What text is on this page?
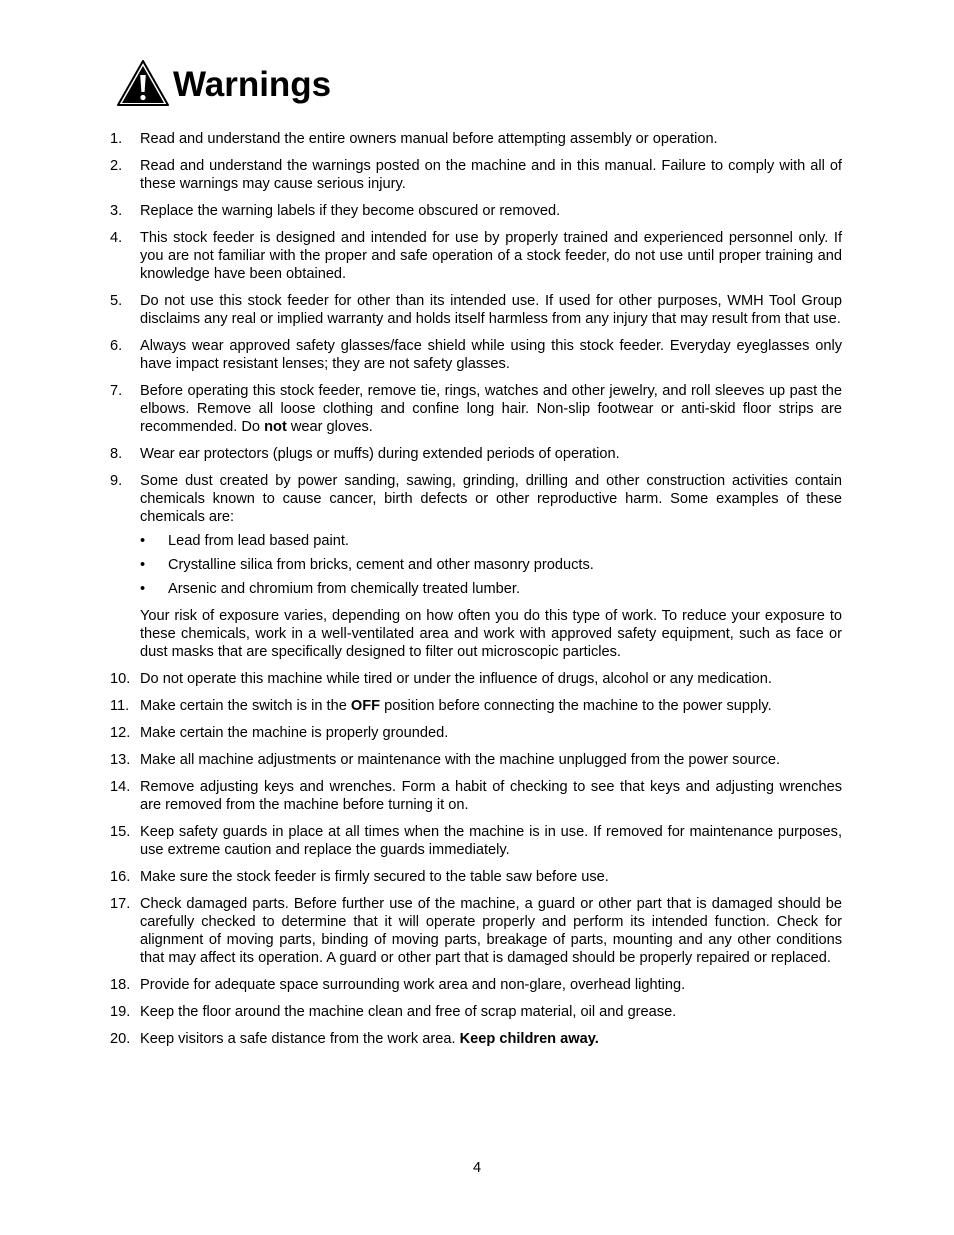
Warnings
1.	Read and understand the entire owners manual before attempting assembly or operation.
2.	Read and understand the warnings posted on the machine and in this manual. Failure to comply with all of these warnings may cause serious injury.
3.	Replace the warning labels if they become obscured or removed.
4.	This stock feeder is designed and intended for use by properly trained and experienced personnel only. If you are not familiar with the proper and safe operation of a stock feeder, do not use until proper training and knowledge have been obtained.
5.	Do not use this stock feeder for other than its intended use. If used for other purposes, WMH Tool Group disclaims any real or implied warranty and holds itself harmless from any injury that may result from that use.
6.	Always wear approved safety glasses/face shield while using this stock feeder. Everyday eyeglasses only have impact resistant lenses; they are not safety glasses.
7.	Before operating this stock feeder, remove tie, rings, watches and other jewelry, and roll sleeves up past the elbows. Remove all loose clothing and confine long hair. Non-slip footwear or anti-skid floor strips are recommended. Do not wear gloves.
8.	Wear ear protectors (plugs or muffs) during extended periods of operation.
9.	Some dust created by power sanding, sawing, grinding, drilling and other construction activities contain chemicals known to cause cancer, birth defects or other reproductive harm. Some examples of these chemicals are:
•	Lead from lead based paint.
•	Crystalline silica from bricks, cement and other masonry products.
•	Arsenic and chromium from chemically treated lumber.
Your risk of exposure varies, depending on how often you do this type of work. To reduce your exposure to these chemicals, work in a well-ventilated area and work with approved safety equipment, such as face or dust masks that are specifically designed to filter out microscopic particles.
10. Do not operate this machine while tired or under the influence of drugs, alcohol or any medication.
11. Make certain the switch is in the OFF position before connecting the machine to the power supply.
12. Make certain the machine is properly grounded.
13. Make all machine adjustments or maintenance with the machine unplugged from the power source.
14. Remove adjusting keys and wrenches. Form a habit of checking to see that keys and adjusting wrenches are removed from the machine before turning it on.
15. Keep safety guards in place at all times when the machine is in use. If removed for maintenance purposes, use extreme caution and replace the guards immediately.
16. Make sure the stock feeder is firmly secured to the table saw before use.
17. Check damaged parts. Before further use of the machine, a guard or other part that is damaged should be carefully checked to determine that it will operate properly and perform its intended function. Check for alignment of moving parts, binding of moving parts, breakage of parts, mounting and any other conditions that may affect its operation. A guard or other part that is damaged should be properly repaired or replaced.
18. Provide for adequate space surrounding work area and non-glare, overhead lighting.
19. Keep the floor around the machine clean and free of scrap material, oil and grease.
20. Keep visitors a safe distance from the work area. Keep children away.
4
